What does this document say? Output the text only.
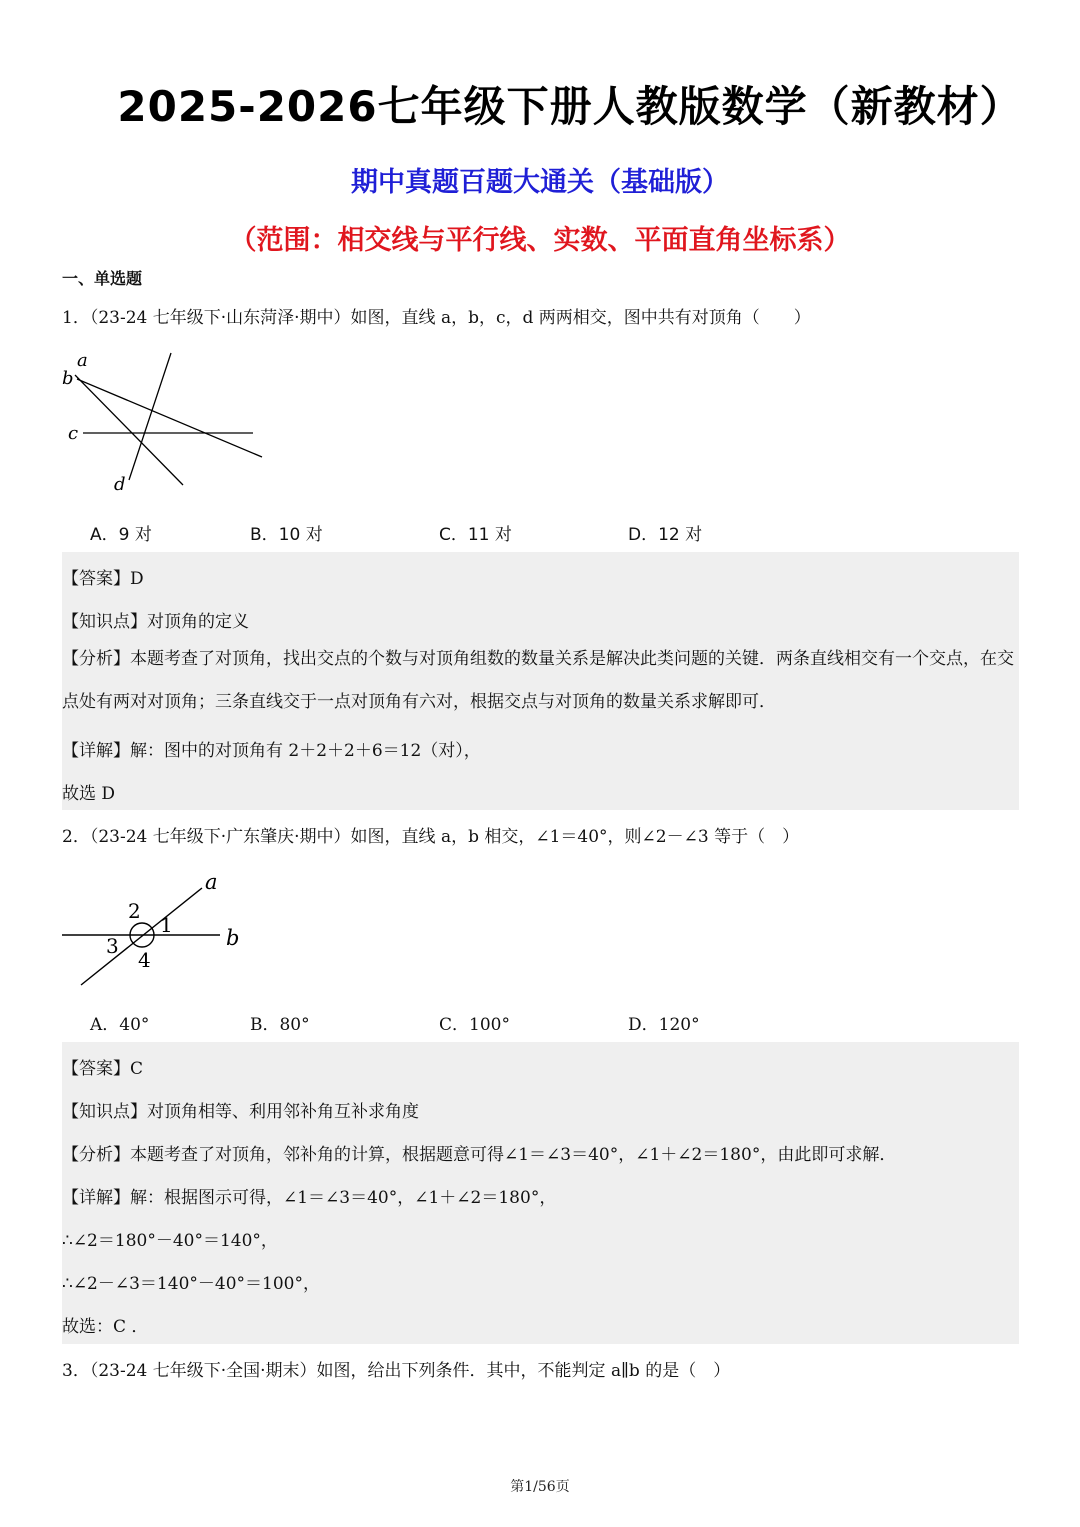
2025-2026七年级下册人教版数学（新教材）
期中真题百题大通关（基础版）
（范围：相交线与平行线、实数、平面直角坐标系）
一、单选题
1．（23-24 七年级下·山东菏泽·期中）如图，直线 a，b，c，d 两两相交，图中共有对顶角（　　）
a
b
c
d
A．9 对	B．10 对	C．11 对	D．12 对
【答案】D
【知识点】对顶角的定义
【分析】本题考查了对顶角，找出交点的个数与对顶角组数的数量关系是解决此类问题的关键．两条直线相交有一个交点，在交点处有两对对顶角；三条直线交于一点对顶角有六对，根据交点与对顶角的数量关系求解即可．
【详解】解：图中的对顶角有 2＋2＋2＋6＝12（对），
故选 D
2．（23-24 七年级下·广东肇庆·期中）如图，直线 a，b 相交，∠1＝40°，则∠2－∠3 等于（　）
a
b
1
2
3
4
A．40°	B．80°	C．100°	D．120°
【答案】C
【知识点】对顶角相等、利用邻补角互补求角度
【分析】本题考查了对顶角，邻补角的计算，根据题意可得∠1＝∠3＝40°，∠1＋∠2＝180°，由此即可求解．
【详解】解：根据图示可得，∠1＝∠3＝40°，∠1＋∠2＝180°，
∴∠2＝180°－40°＝140°，
∴∠2－∠3＝140°－40°＝100°，
故选：C ．
3．（23-24 七年级下·全国·期末）如图，给出下列条件．其中，不能判定 a∥b 的是（　）
第1/56页
